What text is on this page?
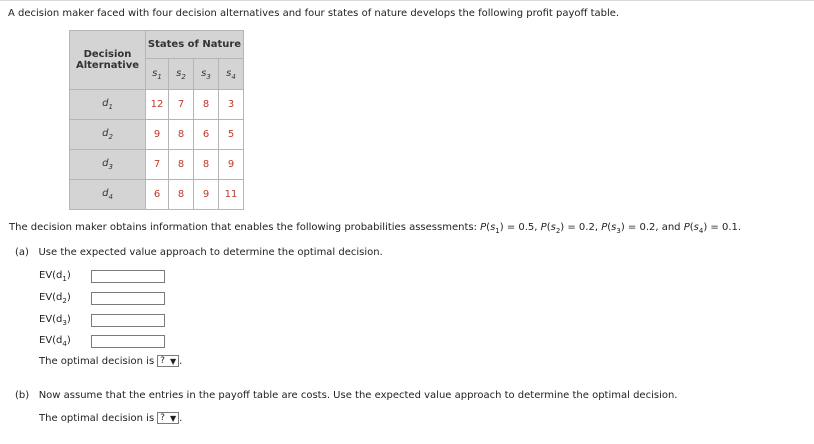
A decision maker faced with four decision alternatives and four states of nature develops the following profit payoff table.
Decision
Alternative	States of Nature			
	$s_1$	$s_2$	$s_3$	$s_4$
$d_1$	12	7	8	3
$d_2$	9	8	6	5
$d_3$	7	8	8	9
$d_4$	6	8	9	11
The decision maker obtains information that enables the following probabilities assessments: $P(s_1) = 0.5$, $P(s_2) = 0.2$, $P(s_3) = 0.2$, and $P(s_4) = 0.1$.
(a) Use the expected value approach to determine the optimal decision.
$EV(d_1)$
$EV(d_2)$
$EV(d_3)$
$EV(d_4)$
The optimal decision is ? ▼ .
(b) Now assume that the entries in the payoff table are costs. Use the expected value approach to determine the optimal decision.
The optimal decision is ? ▼ .
